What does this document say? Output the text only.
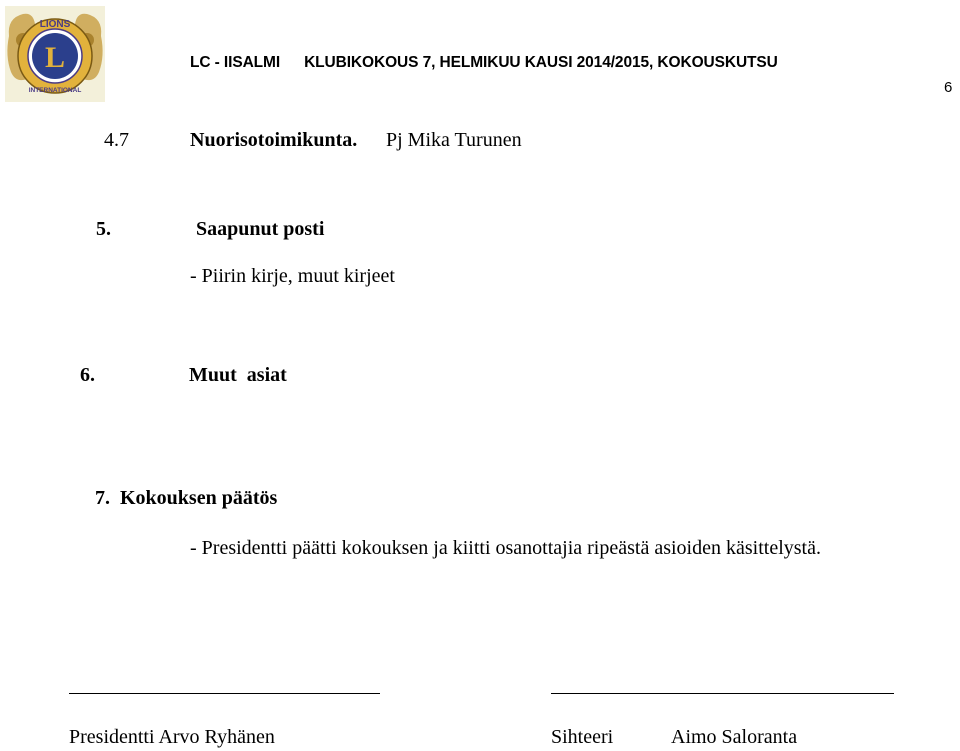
L
LIONS
INTERNATIONAL
LC - IISALMI KLUBIKOKOUS 7, HELMIKUU KAUSI 2014/2015, KOKOUSKUTSU
6
4.7	Nuorisotoimikunta. Pj Mika Turunen
5.	Saapunut posti
- Piirin kirje, muut kirjeet
6.	Muut  asiat
7.  Kokouksen päätös
- Presidentti päätti kokouksen ja kiitti osanottajia ripeästä asioiden käsittelystä.
Presidentti Arvo Ryhänen	Sihteeri	Aimo Saloranta
